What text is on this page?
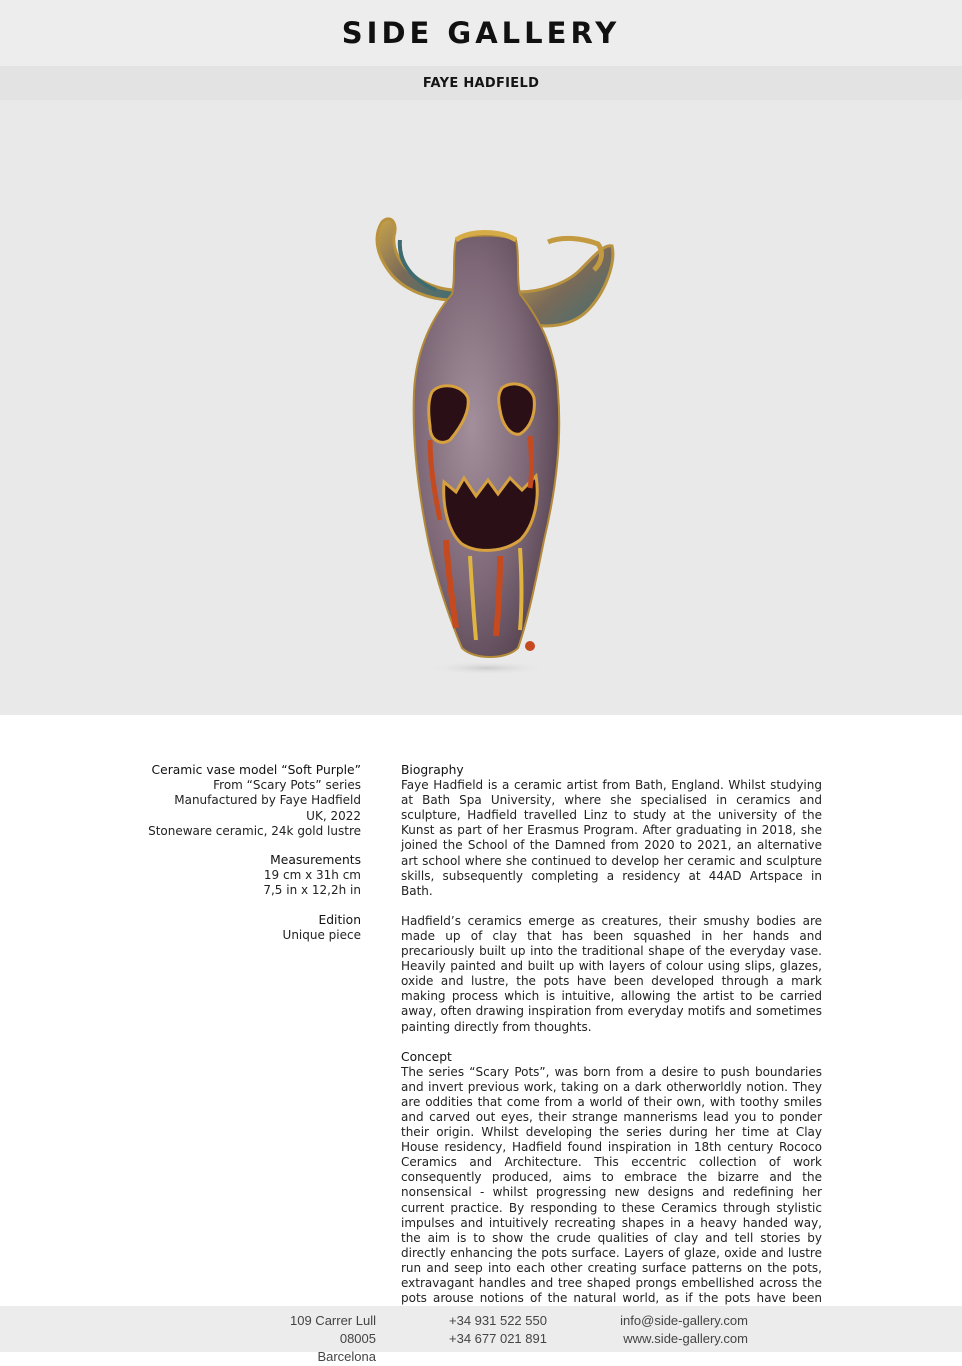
SIDE GALLERY
FAYE HADFIELD
Ceramic vase model “Soft Purple”
From “Scary Pots” series
Manufactured by Faye Hadfield
UK, 2022
Stoneware ceramic, 24k gold lustre
Measurements
19 cm x 31h cm
7,5 in x 12,2h in
Edition
Unique piece
Biography

Faye Hadfield is a ceramic artist from Bath, England. Whilst studying at Bath Spa University, where she specialised in ceramics and sculpture, Hadfield travelled Linz to study at the university of the Kunst as part of her Erasmus Program. After graduating in 2018, she joined the School of the Damned from 2020 to 2021, an alternative art school where she continued to develop her ceramic and sculpture skills, subsequently completing a residency at 44AD Artspace in Bath.

Hadfield’s ceramics emerge as creatures, their smushy bodies are made up of clay that has been squashed in her hands and precariously built up into the traditional shape of the everyday vase. Heavily painted and built up with layers of colour using slips, glazes, oxide and lustre, the pots have been developed through a mark making process which is intuitive, allowing the artist to be carried away, often drawing inspiration from everyday motifs and sometimes painting directly from thoughts.

Concept

The series “Scary Pots”, was born from a desire to push boundaries and invert previous work, taking on a dark otherworldly notion. They are oddities that come from a world of their own, with toothy smiles and carved out eyes, their strange mannerisms lead you to ponder their origin. Whilst developing the series during her time at Clay House residency, Hadfield found inspiration in 18th century Rococo Ceramics and Architecture. This eccentric collection of work consequently produced, aims to embrace the bizarre and the nonsensical - whilst progressing new designs and redefining her current practice. By responding to these Ceramics through stylistic impulses and intuitively recreating shapes in a heavy handed way, the aim is to show the crude qualities of clay and tell stories by directly enhancing the pots surface. Layers of glaze, oxide and lustre run and seep into each other creating surface patterns on the pots, extravagant handles and tree shaped prongs embellished across the pots arouse notions of the natural world, as if the pots have been

109 Carrer Lull
08005 Barcelona
+34 931 522 550
+34 677 021 891
info@side-gallery.com
www.side-gallery.com
